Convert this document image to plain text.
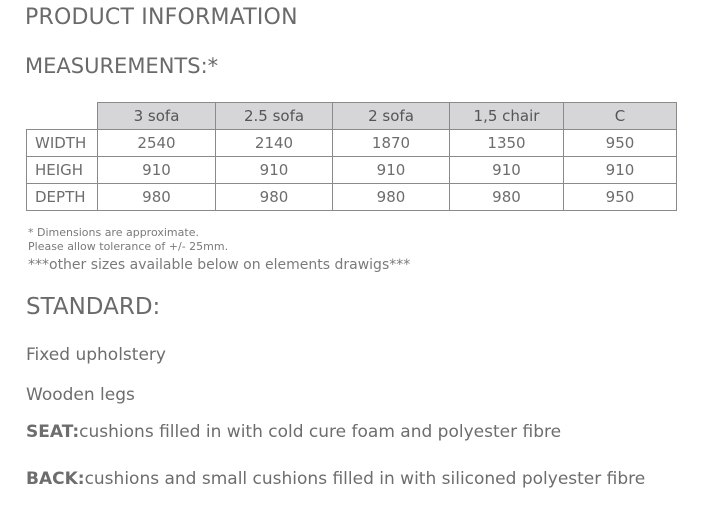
PRODUCT INFORMATION
MEASUREMENTS:*
	3 sofa	2.5 sofa	2 sofa	1,5 chair	C
WIDTH	2540	2140	1870	1350	950
HEIGH	910	910	910	910	910
DEPTH	980	980	980	980	950
* Dimensions are approximate.
Please allow tolerance of +/- 25mm.
***other sizes available below on elements drawigs***
STANDARD:
Fixed upholstery
Wooden legs
SEAT:cushions filled in with cold cure foam and polyester fibre
BACK:cushions and small cushions filled in with siliconed polyester fibre
